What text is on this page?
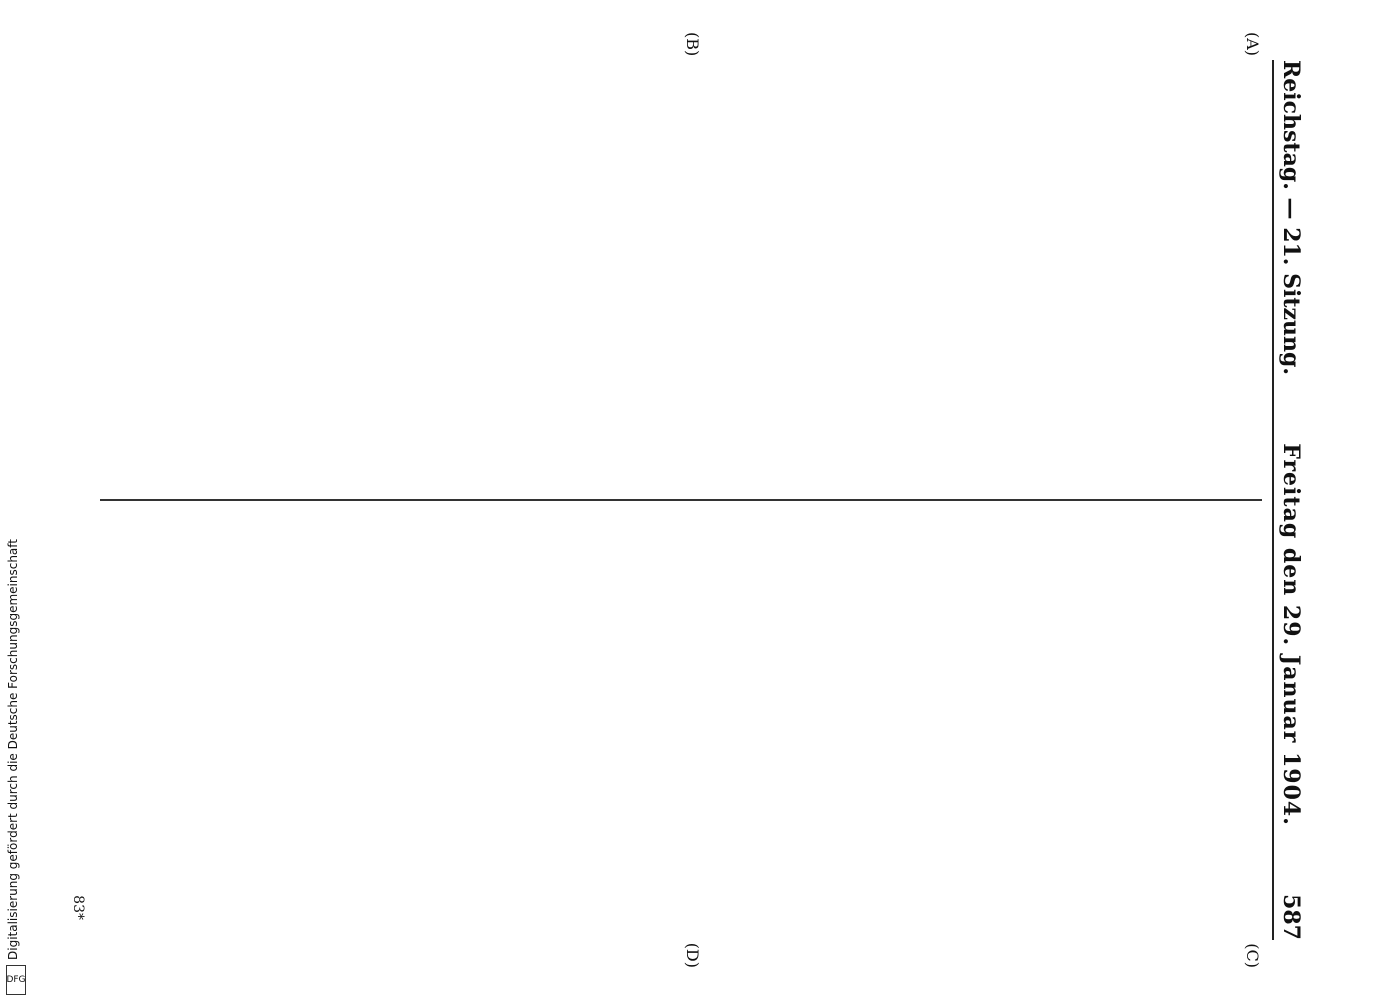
Digitalisierung gefördert durch die Deutsche Forschungsgemeinschaft
DFG
Reichstag. — 21. Sitzung.
Freitag den 29. Januar 1904.
587
(A)
(B)
(C)
(D)
83*
